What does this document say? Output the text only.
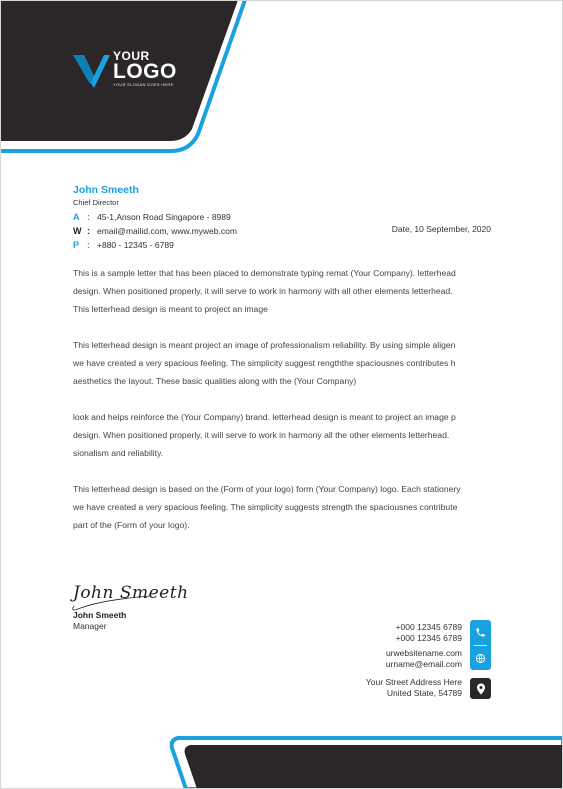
YOUR
LOGO
YOUR SLOGAN GOES HERE
John Smeeth
Chief Director
A : 45-1,Anson Road Singapore - 8989
W : email@mailid.com, www.myweb.com
P : +880 - 12345 - 6789
Date, 10 September, 2020

This is a sample letter that has been placed to demonstrate typing remat (Your Company). letterhead
design. When positioned properly, it will serve to work in harmony with all other elements letterhead.
This letterhead design is meant to project an image

This letterhead design is meant project an image of professionalism reliability. By using simple aligen
we have created a very spacious feeling. The simplicity suggest rengththe spaciousnes contributes h
aesthetics the layout. These basic qualities along with the (Your Company)

look and helps reinforce the (Your Company) brand. letterhead design is meant to project an image p
design. When positioned properly, it will serve to work in harmony all the other elements letterhead.
sionalism and reliability.

This letterhead design is based on the (Form of your logo) form (Your Company) logo. Each stationery
we have created a very spacious feeling. The simplicity suggests strength the spaciousnes contribute
part of the (Form of your logo).

John Smeeth
John Smeeth
Manager	+000 12345 6789
+000 12345 6789
urwebsitename.com
urname@email.com
Your Street Address Here
United State, 54789
